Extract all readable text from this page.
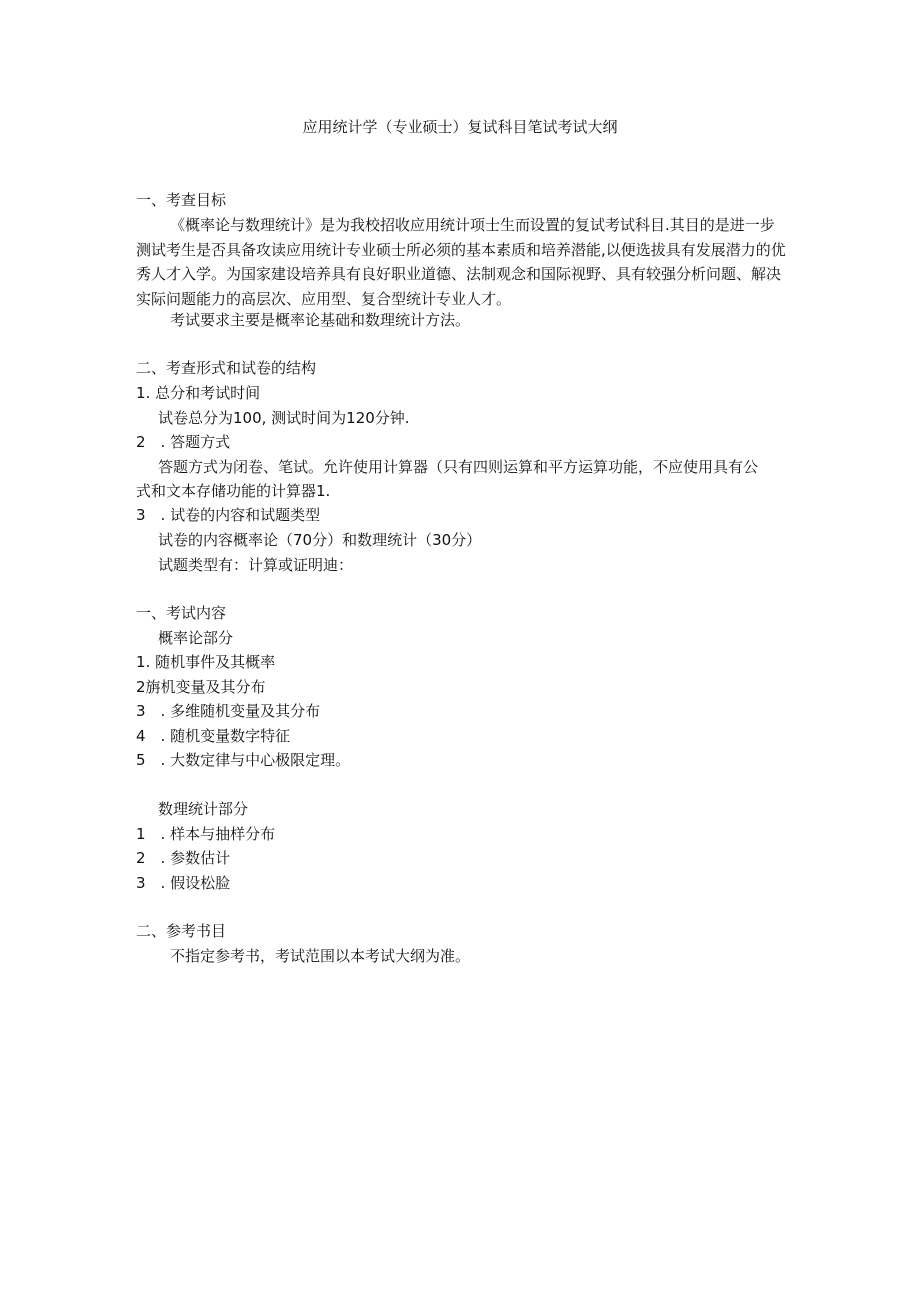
应用统计学（专业硕士）复试科目笔试考试大纲
一、考查目标
《概率论与数理统计》是为我校招收应用统计项士生而设置的复试考试科目.其目的是进一步测试考生是否具备攻读应用统计专业硕士所必须的基本素质和培养潜能,以便选拔具有发展潜力的优秀人才入学。为国家建设培养具有良好职业道德、法制观念和国际视野、具有较强分析问题、解决实际问题能力的高层次、应用型、复合型统计专业人才。
考试要求主要是概率论基础和数理统计方法。
二、考查形式和试卷的结构
1. 总分和考试时间
试卷总分为100, 测试时间为120分钟.
2　. 答题方式
答题方式为闭卷、笔试。允许使用计算器（只有四则运算和平方运算功能，不应使用具有公
式和文本存储功能的计算器1.
3　. 试卷的内容和试题类型
试卷的内容概率论（70分）和数理统计（30分）
试题类型有：计算或证明迪：
一、考试内容
概率论部分
1. 随机事件及其概率
2旃机变量及其分布
3　. 多维随机变量及其分布
4　. 随机变量数字特征
5　. 大数定律与中心极限定理。
数理统计部分
1　. 样本与抽样分布
2　. 参数估计
3　. 假设松脸
二、参考书目
不指定参考书，考试范围以本考试大纲为准。
